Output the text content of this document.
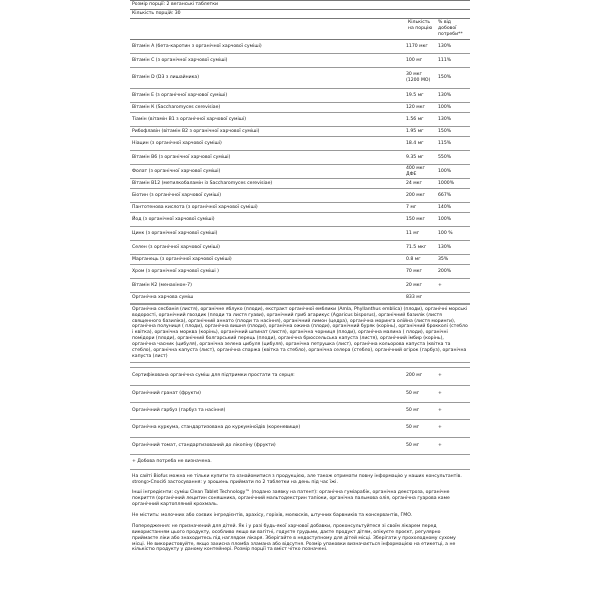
Розмір порції: 2 веганські таблетки
Кількість порцій: 30
Кількість на порцію
% від добової потреби**
Вітамін А (бета-каротин з органічної харчової суміші)	1170 мкг	130%
Вітамін С (з органічної харчової суміші)	100 мг	111%
Вітамін D (D3 з лишайника)	30 мкг (1200 МО)	150%
Вітамін Е (з органічної харчової суміші)	19.5 мг	130%
Вітамін К (Saccharomyces cerevisiae)	120 мкг	100%
Тіамін (вітамін В1 з органічної харчової суміші)	1.56 мг	130%
Рибофлавін (вітамін В2 з органічної харчової суміші)	1.95 мг	150%
Ніацин (з органічної харчової суміші)	18.4 мг	115%
Вітамін В6 (з органічної харчової суміші)	9.35 мг	550%
Фолат (з органічної харчової суміші)	400 мкг ДФЕ	100%
Вітамін В12 (метилкобаламін із Saccharomyces cerevisiae)	24 мкг	1000%
Біотин (з органічної харчової суміші)	200 мкг	667%
Пантотенова кислота (з органічної харчової суміші)	7 мг	140%
Йод (з органічної харчової суміші)	150 мкг	100%
Цинк (з органічної харчової суміші)	11 мг	100 %
Селен (з органічної харчової суміші)	71.5 мкг	130%
Марганець (з органічної харчової суміші)	0.8 мг	35%
Хром (з органічної харчової суміші )	70 мкг	200%
Вітамін К2 (менахінон-7)	20 мкг	+
Органічна харчова суміш	833 мг	
Органічна сесбанія (листя), органічне яблуко (плоди), екстракт органічної емблики (Amla, Phyllanthus emblica) (плоди), органічні морські водорості, органічний гвоздик (плоди та листя гуави), органічний гриб агарикус (Agaricus bisporus), органічний базилік (листя священного базиліка), органічний аннато (плоди та насіння), органічний лимон (цедра), органічна моринга олійна (листя моринги), органічна полуниця ( плоди), органічна вишня (плоди), органічна ожина (плоди), органічний буряк (корінь), органічний брокколі (стебло і квітка), органічна морква (корінь), органічний шпинат (листя), органічна чорниця (плоди), органічна малина ( плоди), органічні помідори (плоди), органічний болгарський перець (плоди), органічна брюссельська капуста (листя), органічний імбир (корінь), органічна часник (цибуля), органічна зелена цибуля (цибуля), органічна петрушка (лист), органічна кольорова капуста (квітка та стебло), органічна капуста (лист), органічна спаржа (квітка та стебло), органічна селера (стебло), органічний огірок (гарбуз), органічна капуста (лист)
Сертифікована органічна суміш для підтримки простати та серця:	200 мг	+
Органічний гранат (фрукти)	50 мг	+
Органічний гарбуз (гарбуз та насіння)	50 мг	+
Органічна куркума, стандартизована до куркуміноїдів (кореневище)	50 мг	+
Органічний томат, стандартизований до лікопіну (фрукти)	50 мг	+
+ Добова потреба не визначена.

На сайті Biofus можна не тільки купити та ознайомитися з продукцією, але також отримати повну інформацію у наших консультантів. strong>Спосіб застосування: у зрошень приймати по 2 таблетки на день під час їжі.

Інші інгредієнти: суміш Clean Tablet Technology™ (подано заявку на патент): органічна гуміарабік, органічна декстроза, органічне покриття (органічний лецитин соняшника, органічний мальтодекстрин тапіоки, органічна пальмова олія, органічна гуарова каме органічний картопляний крохмаль.

Не містить: молочних або соєвих інгредієнтів, арахісу, горіхів, молюсків, штучних барвників та консервантів, ГМО.

Попередження: не призначений для дітей. Як і у разі будь-якої харчової добавки, проконсультуйтеся зі своїм лікарем перед використанням цього продукту, особливо якщо ви вагітні, годуєте грудьми, даєте продукт дітям, опікуєте проєкт, регулярно приймаєте ліки або знаходитесь під наглядом лікаря. Зберігайте в недоступному для дітей місці. Зберігати у прохолодному сухому місці. Не використовуйте, якщо захисна пломба зламана або відсутня. Розмір упаковки визначається інформацією на етикетці, а не кількістю продукту у даному контейнері. Розмір порції та вміст чітко позначені.
